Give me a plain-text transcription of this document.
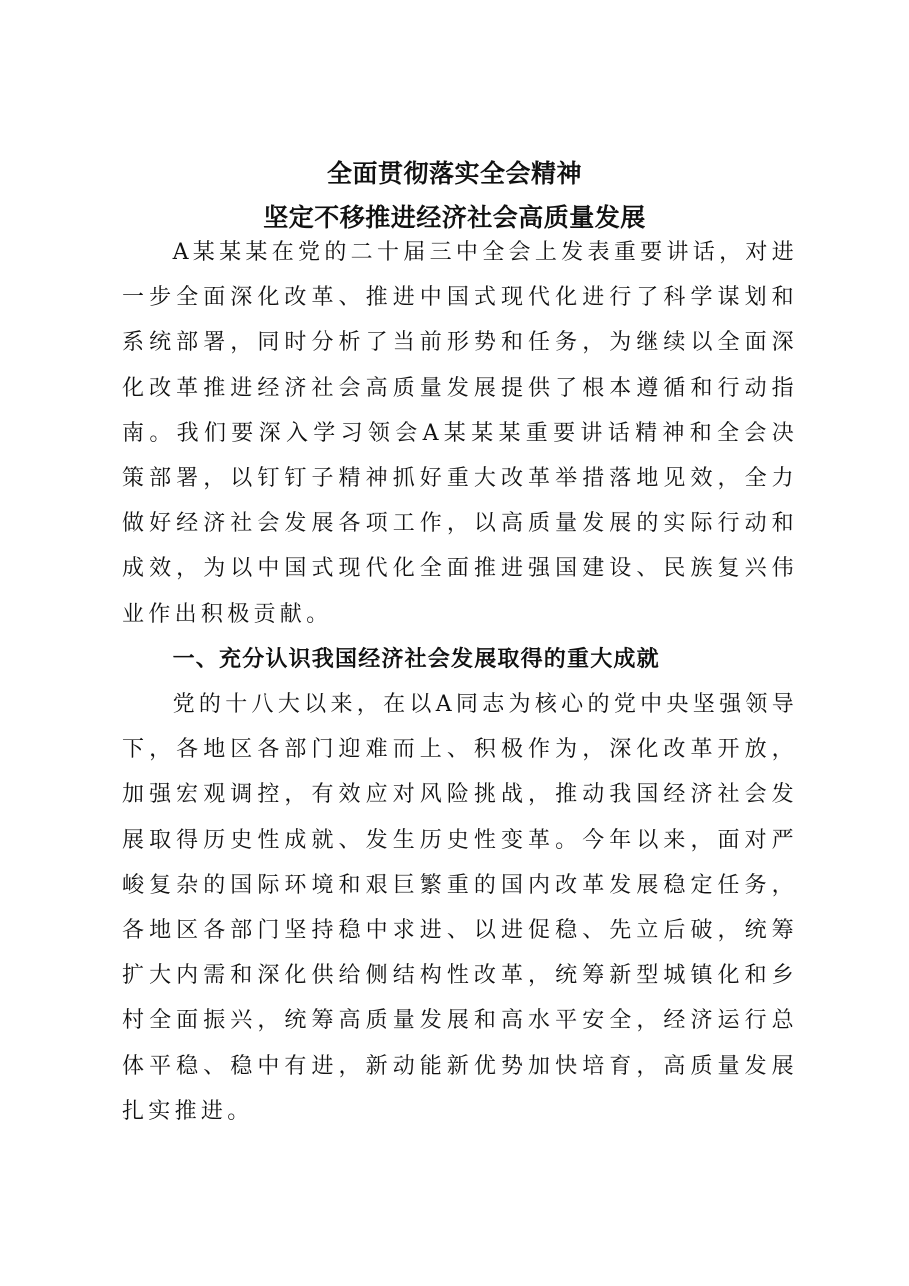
全面贯彻落实全会精神
坚定不移推进经济社会高质量发展

A某某某在党的二十届三中全会上发表重要讲话，对进一步全面深化改革、推进中国式现代化进行了科学谋划和系统部署，同时分析了当前形势和任务，为继续以全面深化改革推进经济社会高质量发展提供了根本遵循和行动指南。我们要深入学习领会A某某某重要讲话精神和全会决策部署，以钉钉子精神抓好重大改革举措落地见效，全力做好经济社会发展各项工作，以高质量发展的实际行动和成效，为以中国式现代化全面推进强国建设、民族复兴伟业作出积极贡献。

一、充分认识我国经济社会发展取得的重大成就

党的十八大以来，在以A同志为核心的党中央坚强领导下，各地区各部门迎难而上、积极作为，深化改革开放，加强宏观调控，有效应对风险挑战，推动我国经济社会发展取得历史性成就、发生历史性变革。今年以来，面对严峻复杂的国际环境和艰巨繁重的国内改革发展稳定任务，各地区各部门坚持稳中求进、以进促稳、先立后破，统筹扩大内需和深化供给侧结构性改革，统筹新型城镇化和乡村全面振兴，统筹高质量发展和高水平安全，经济运行总体平稳、稳中有进，新动能新优势加快培育，高质量发展扎实推进。
